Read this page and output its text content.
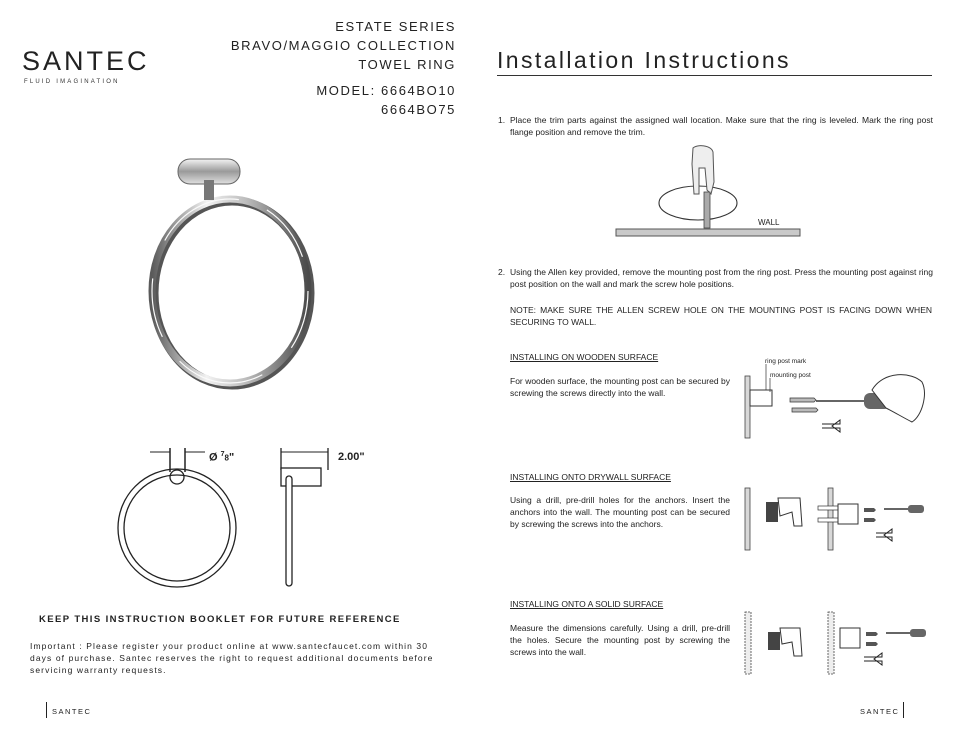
SANTEC
FLUID IMAGINATION
ESTATE SERIES
BRAVO/MAGGIO COLLECTION
TOWEL RING
MODEL: 6664BO10
6664BO75
Ø $^7$8"	2.00"
KEEP THIS INSTRUCTION BOOKLET FOR FUTURE REFERENCE
Important : Please register your product online at www.santecfaucet.com within 30 days of purchase. Santec reserves the right to request additional documents before servicing warranty requests.
SANTEC	SANTEC
Installation Instructions
1. Place the trim parts against the assigned wall location. Make sure that the ring is leveled. Mark the ring post flange position and remove the trim.
WALL
2. Using the Allen key provided, remove the mounting post from the ring post. Press the mounting post against ring post position on the wall and mark the screw hole positions.
NOTE: MAKE SURE THE ALLEN SCREW HOLE ON THE MOUNTING POST IS FACING DOWN WHEN SECURING TO WALL.
INSTALLING ON WOODEN SURFACE
For wooden surface, the mounting post can be secured by screwing the screws directly into the wall.
ring post mark
mounting post
INSTALLING ONTO DRYWALL SURFACE
Using a drill, pre-drill holes for the anchors. Insert the anchors into the wall. The mounting post can be secured by screwing the screws into the anchors.
INSTALLING ONTO A SOLID SURFACE
Measure the dimensions carefully. Using a drill, pre-drill the holes. Secure the mounting post by screwing the screws into the wall.
